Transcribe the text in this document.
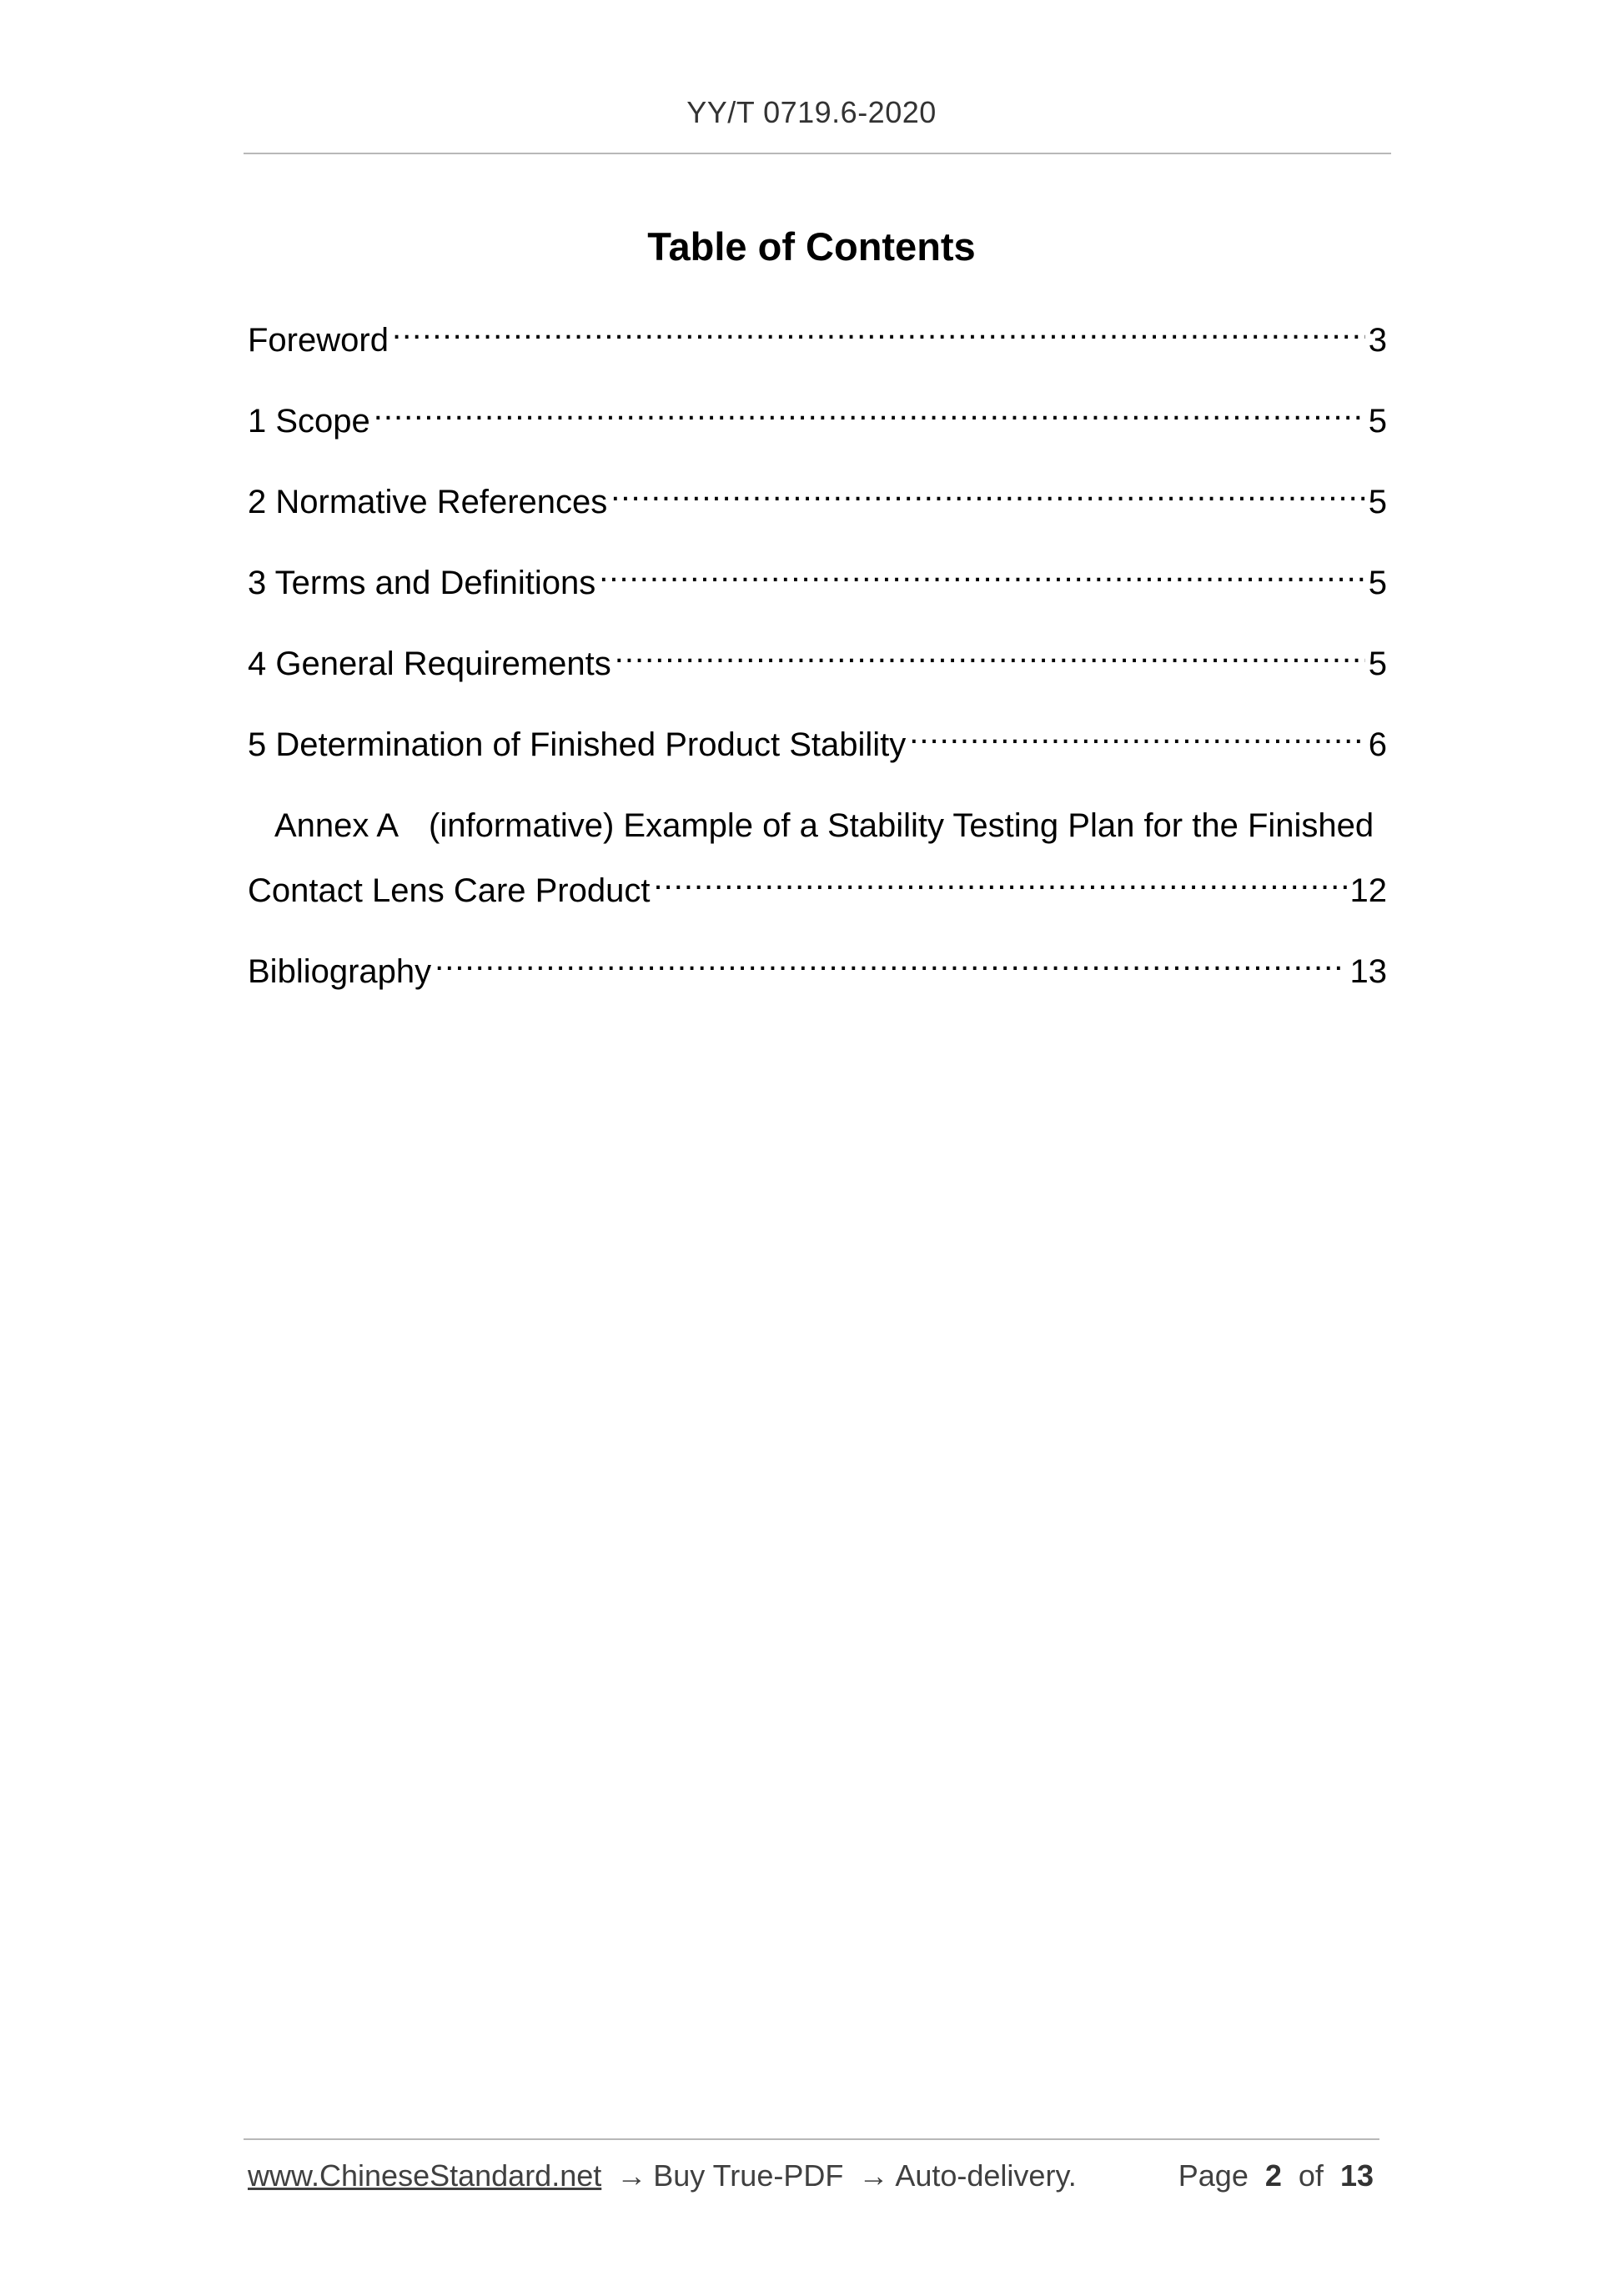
YY/T 0719.6-2020
Table of Contents
Foreword .....	3
1 Scope .....	5
2 Normative References .....	5
3 Terms and Definitions .....	5
4 General Requirements .....	5
5 Determination of Finished Product Stability .....	6
Annex A (informative) Example of a Stability Testing Plan for the Finished
Contact Lens Care Product .....	12
Bibliography .....	13
www.ChineseStandard.net → Buy True-PDF → Auto-delivery.	Page 2 of 13
